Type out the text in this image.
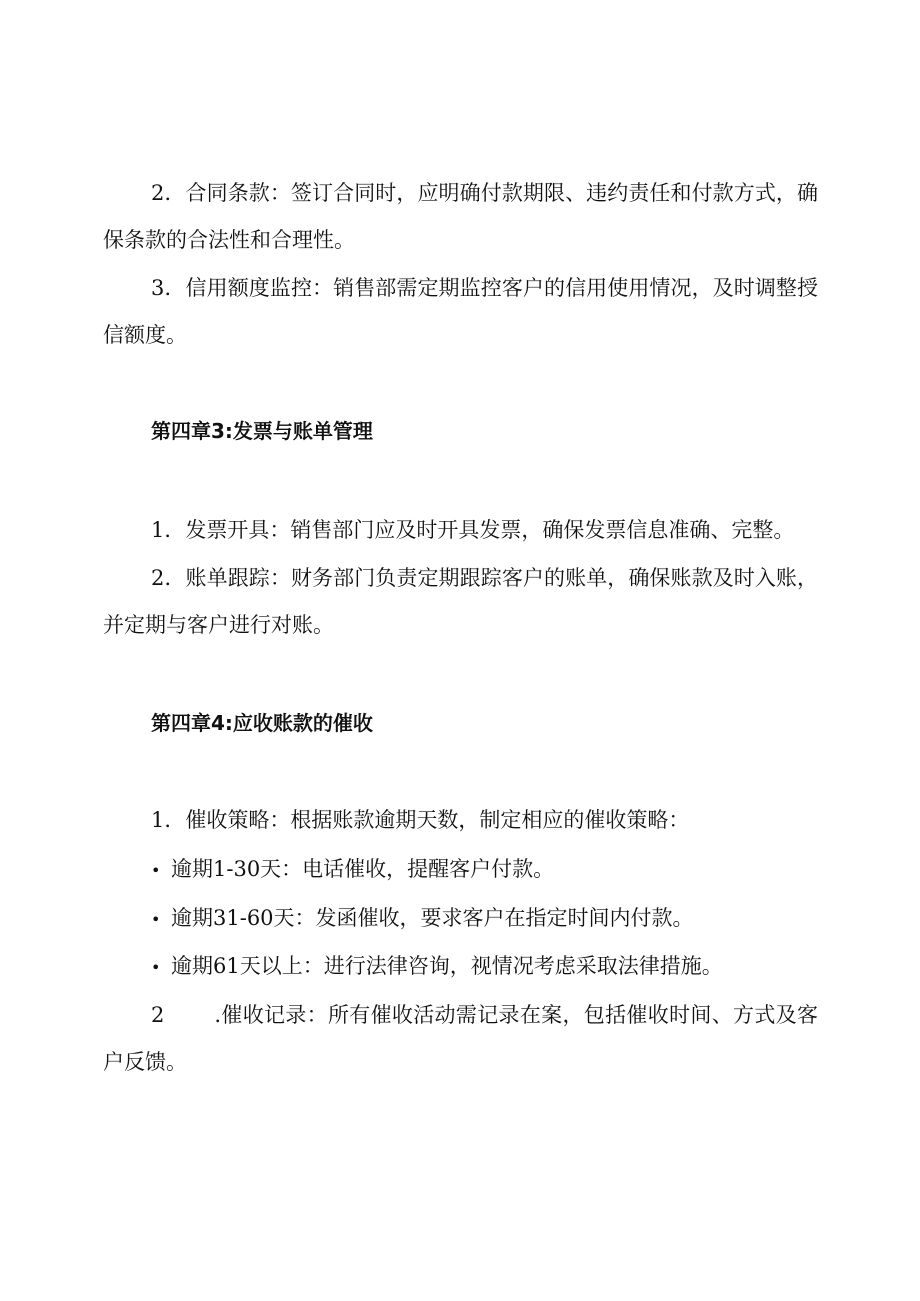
2．合同条款：签订合同时，应明确付款期限、违约责任和付款方式，确保条款的合法性和合理性。

3．信用额度监控：销售部需定期监控客户的信用使用情况，及时调整授信额度。

第四章3:发票与账单管理

1．发票开具：销售部门应及时开具发票，确保发票信息准确、完整。

2．账单跟踪：财务部门负责定期跟踪客户的账单，确保账款及时入账，并定期与客户进行对账。

第四章4:应收账款的催收

1．催收策略：根据账款逾期天数，制定相应的催收策略：

• 逾期1-30天：电话催收，提醒客户付款。

• 逾期31-60天：发函催收，要求客户在指定时间内付款。

• 逾期61天以上：进行法律咨询，视情况考虑采取法律措施。

2 .催收记录：所有催收活动需记录在案，包括催收时间、方式及客户反馈。
